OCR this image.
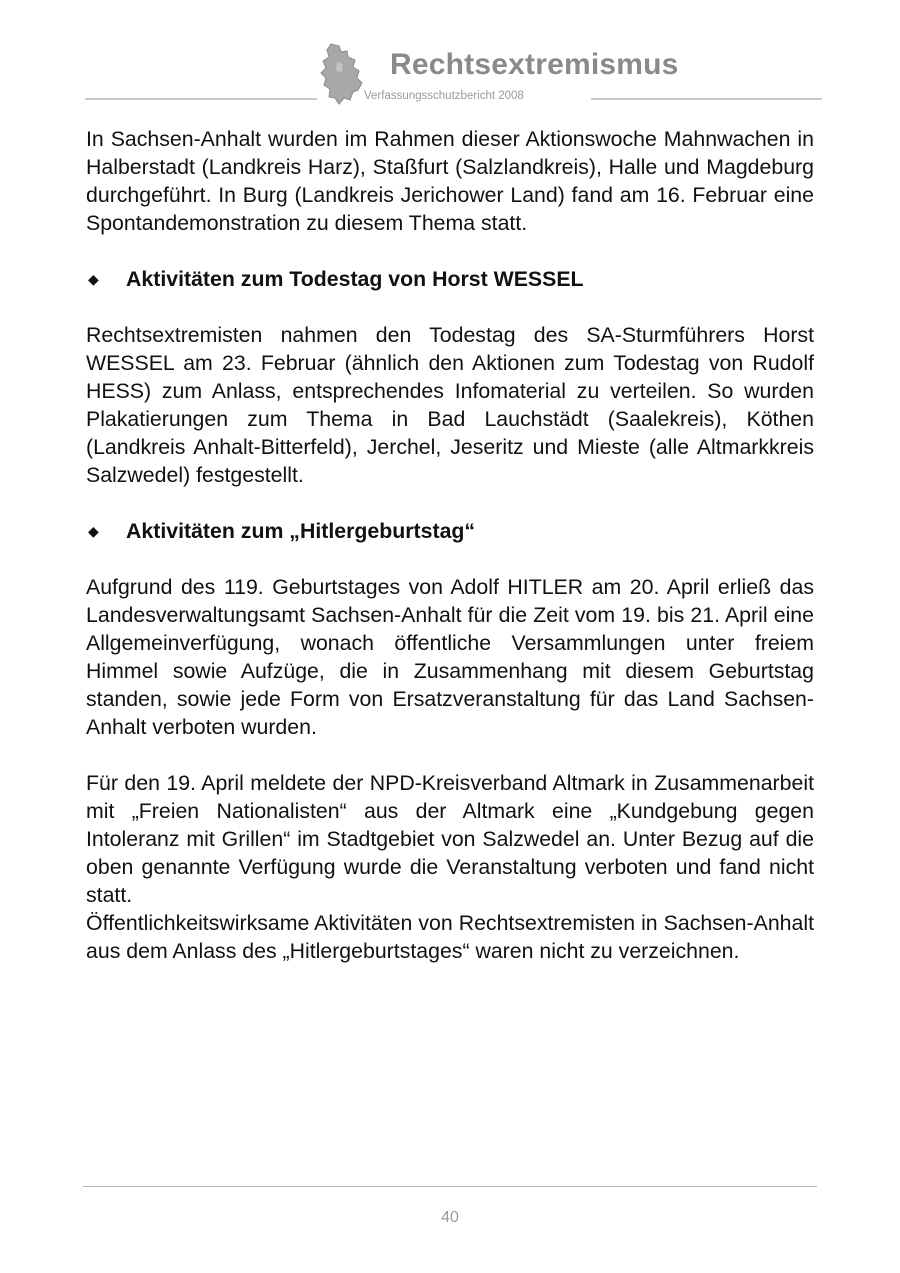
Rechtsextremismus
Verfassungsschutzbericht 2008

In Sachsen-Anhalt wurden im Rahmen dieser Aktionswoche Mahnwachen in Halberstadt (Landkreis Harz), Staßfurt (Salzlandkreis), Halle und Magdeburg durchgeführt. In Burg (Landkreis Jerichower Land) fand am 16. Februar eine Spontandemonstration zu diesem Thema statt.

◆ Aktivitäten zum Todestag von Horst WESSEL

Rechtsextremisten nahmen den Todestag des SA-Sturmführers Horst WESSEL am 23. Februar (ähnlich den Aktionen zum Todestag von Rudolf HESS) zum Anlass, entsprechendes Infomaterial zu verteilen. So wurden Plakatierungen zum Thema in Bad Lauchstädt (Saalekreis), Köthen (Landkreis Anhalt-Bitterfeld), Jerchel, Jeseritz und Mieste (alle Altmarkkreis Salzwedel) festgestellt.

◆ Aktivitäten zum „Hitlergeburtstag“

Aufgrund des 119. Geburtstages von Adolf HITLER am 20. April erließ das Landesverwaltungsamt Sachsen-Anhalt für die Zeit vom 19. bis 21. April eine Allgemeinverfügung, wonach öffentliche Versammlungen unter freiem Himmel sowie Aufzüge, die in Zusammenhang mit diesem Geburtstag standen, sowie jede Form von Ersatzveranstaltung für das Land Sachsen-Anhalt verboten wurden.

Für den 19. April meldete der NPD-Kreisverband Altmark in Zusammenarbeit mit „Freien Nationalisten“ aus der Altmark eine „Kundgebung gegen Intoleranz mit Grillen“ im Stadtgebiet von Salzwedel an. Unter Bezug auf die oben genannte Verfügung wurde die Veranstaltung verboten und fand nicht statt.

Öffentlichkeitswirksame Aktivitäten von Rechtsextremisten in Sachsen-Anhalt aus dem Anlass des „Hitlergeburtstages“ waren nicht zu verzeichnen.

40
